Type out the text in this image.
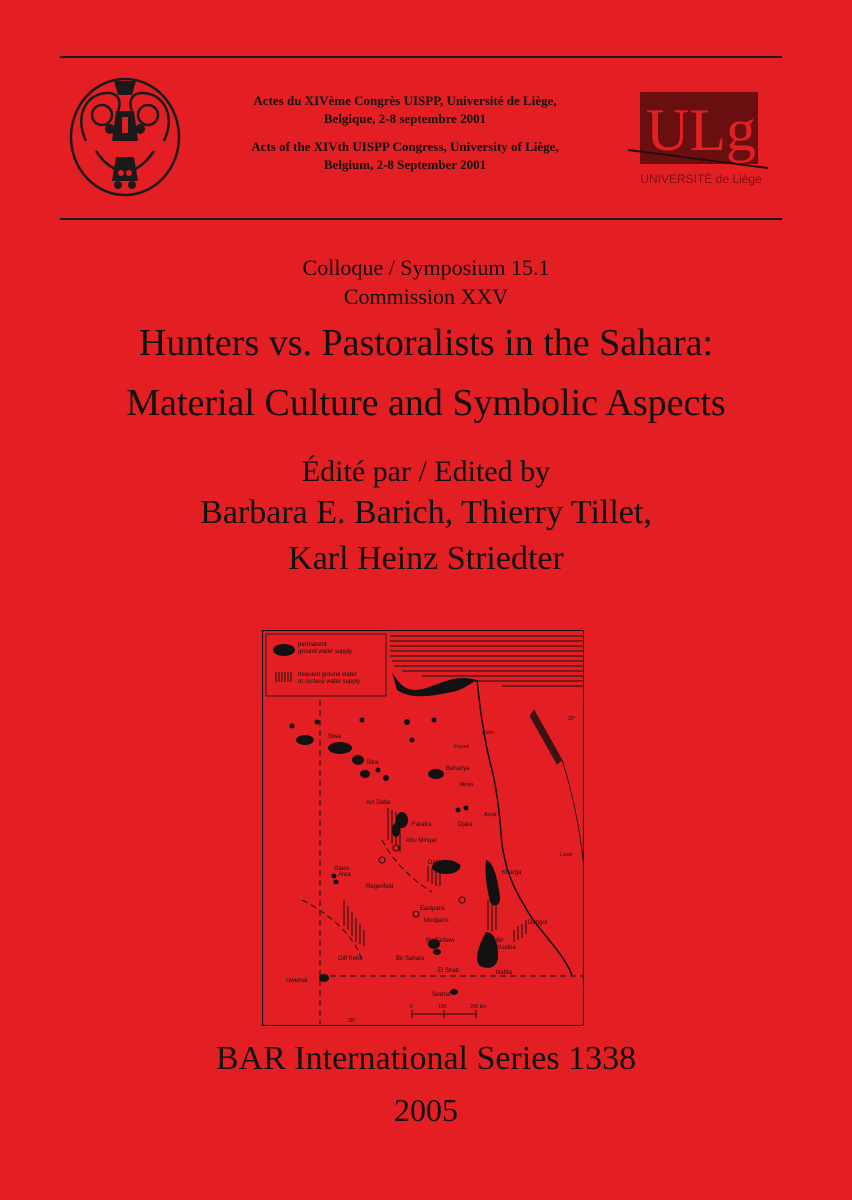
Actes du XIVème Congrès UISPP, Université de Liège,

Belgique, 2-8 septembre 2001

Acts of the XIVth UISPP Congress, University of Liège,

Belgium, 2-8 September 2001

ULg
UNIVERSITÉ de Liège
Colloque / Symposium 15.1
Commission XXV
Hunters vs. Pastoralists in the Sahara:
Material Culture and Symbolic Aspects
Édité par / Edited by
Barbara E. Barich, Thierry Tillet,
Karl Heinz Striedter
permanent
ground water supply
frequent ground water
or surface water supply
Siwa
Sitra
Bahariya
Fayum
Cairo
Minya
Asyut
Ain Dalla
Farafra	Djara
Abu Minqar
Glass
Area
Regenfeld
Dakhla
Kharga
Luxor
Eastpans
Mudpans	Dungul
Bir Tarfawi
Bir Sahara
Bir
Kiseiba
Gilf Kebir
El Shab	Nabta
Uweinat
Selima
25°
30°
0	100	200 km
BAR International Series 1338
2005
